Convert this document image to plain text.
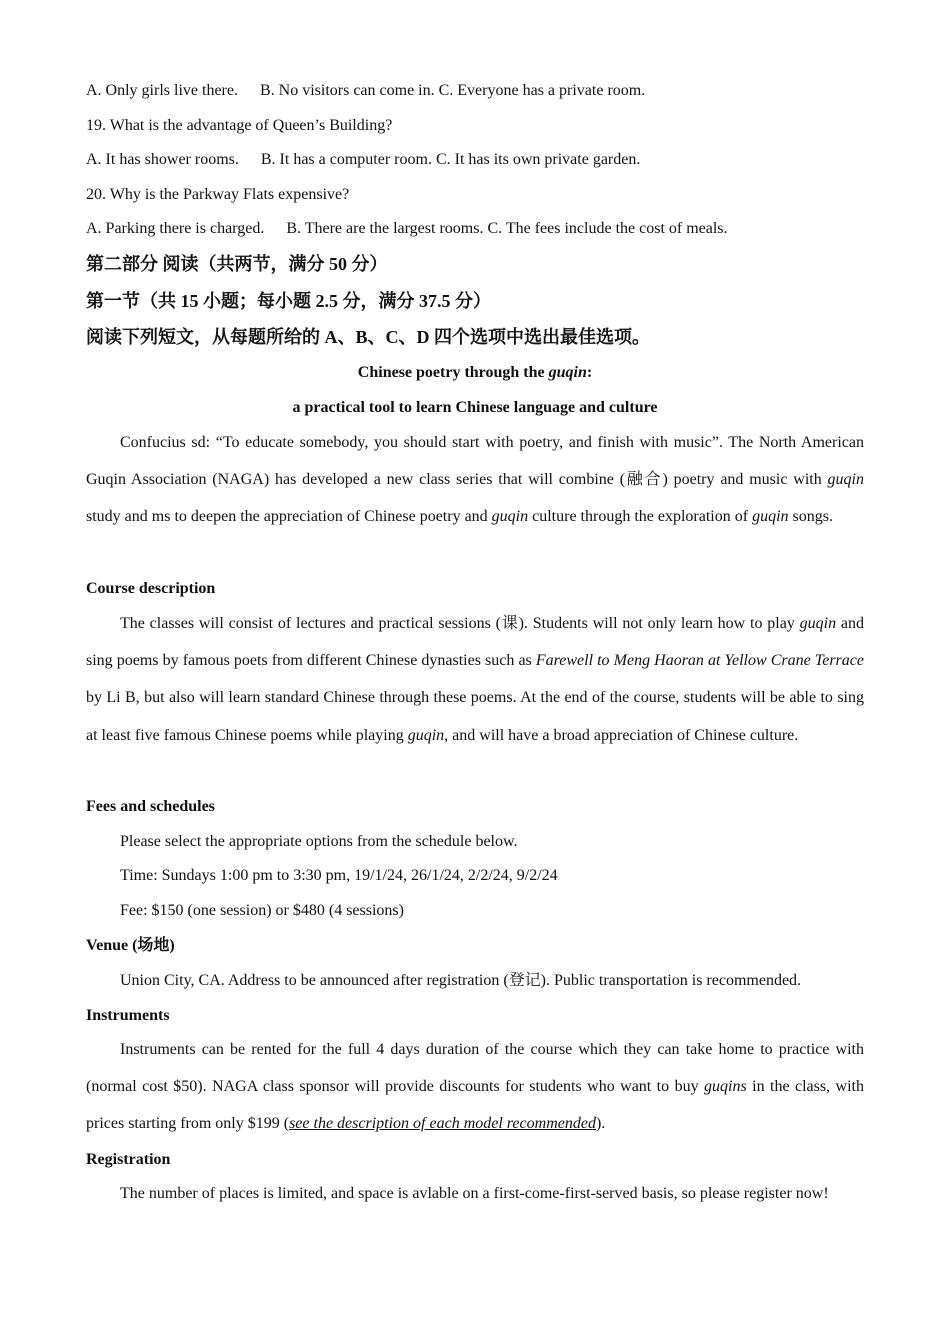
A. Only girls live there. B. No visitors can come in. C. Everyone has a private room.
19. What is the advantage of Queen’s Building?
A. It has shower rooms. B. It has a computer room. C. It has its own private garden.
20. Why is the Parkway Flats expensive?
A. Parking there is charged. B. There are the largest rooms. C. The fees include the cost of meals.
第二部分 阅读（共两节，满分 50 分）
第一节（共 15 小题；每小题 2.5 分，满分 37.5 分）
阅读下列短文，从每题所给的 A、B、C、D 四个选项中选出最佳选项。
Chinese poetry through the guqin:
a practical tool to learn Chinese language and culture
Confucius sd: “To educate somebody, you should start with poetry, and finish with music”. The North American Guqin Association (NAGA) has developed a new class series that will combine (融合) poetry and music with guqin study and ms to deepen the appreciation of Chinese poetry and guqin culture through the exploration of guqin songs.
Course description
The classes will consist of lectures and practical sessions (课). Students will not only learn how to play guqin and sing poems by famous poets from different Chinese dynasties such as Farewell to Meng Haoran at Yellow Crane Terrace by Li B, but also will learn standard Chinese through these poems. At the end of the course, students will be able to sing at least five famous Chinese poems while playing guqin, and will have a broad appreciation of Chinese culture.
Fees and schedules
Please select the appropriate options from the schedule below.
Time: Sundays 1:00 pm to 3:30 pm, 19/1/24, 26/1/24, 2/2/24, 9/2/24
Fee: $150 (one session) or $480 (4 sessions)
Venue (场地)
Union City, CA. Address to be announced after registration (登记). Public transportation is recommended.
Instruments
Instruments can be rented for the full 4 days duration of the course which they can take home to practice with (normal cost $50). NAGA class sponsor will provide discounts for students who want to buy guqins in the class, with prices starting from only $199 (see the description of each model recommended).
Registration
The number of places is limited, and space is avlable on a first-come-first-served basis, so please register now!
